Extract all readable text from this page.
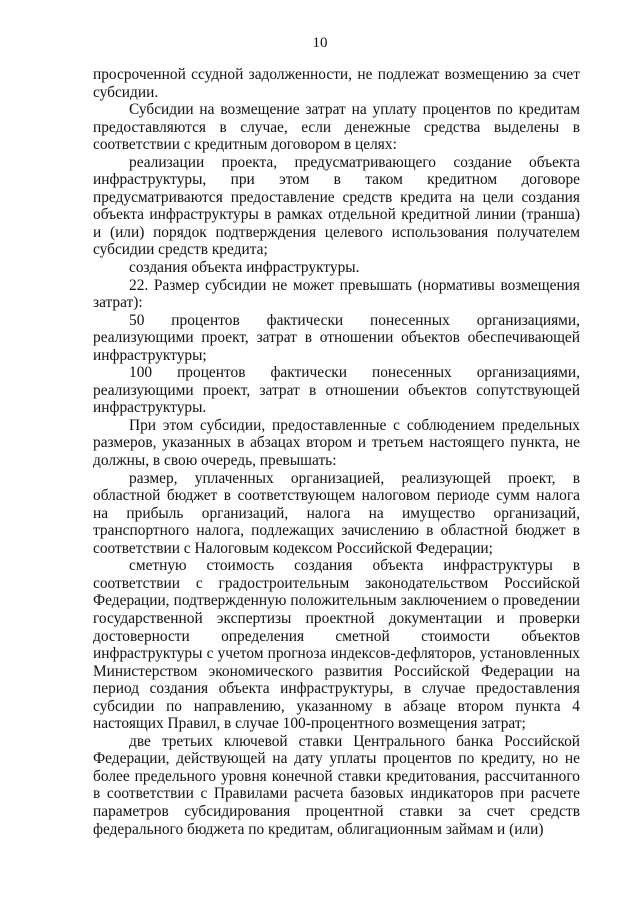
10

просроченной ссудной задолженности, не подлежат возмещению за счет субсидии.

Субсидии на возмещение затрат на уплату процентов по кредитам предоставляются в случае, если денежные средства выделены в соответствии с кредитным договором в целях:

реализации проекта, предусматривающего создание объекта инфраструктуры, при этом в таком кредитном договоре предусматриваются предоставление средств кредита на цели создания объекта инфраструктуры в рамках отдельной кредитной линии (транша) и (или) порядок подтверждения целевого использования получателем субсидии средств кредита;

создания объекта инфраструктуры.

22. Размер субсидии не может превышать (нормативы возмещения затрат):

50 процентов фактически понесенных организациями, реализующими проект, затрат в отношении объектов обеспечивающей инфраструктуры;

100 процентов фактически понесенных организациями, реализующими проект, затрат в отношении объектов сопутствующей инфраструктуры.

При этом субсидии, предоставленные с соблюдением предельных размеров, указанных в абзацах втором и третьем настоящего пункта, не должны, в свою очередь, превышать:

размер, уплаченных организацией, реализующей проект, в областной бюджет в соответствующем налоговом периоде сумм налога на прибыль организаций, налога на имущество организаций, транспортного налога, подлежащих зачислению в областной бюджет в соответствии с Налоговым кодексом Российской Федерации;

сметную стоимость создания объекта инфраструктуры в соответствии с градостроительным законодательством Российской Федерации, подтвержденную положительным заключением о проведении государственной экспертизы проектной документации и проверки достоверности определения сметной стоимости объектов инфраструктуры с учетом прогноза индексов-дефляторов, установленных Министерством экономического развития Российской Федерации на период создания объекта инфраструктуры, в случае предоставления субсидии по направлению, указанному в абзаце втором пункта 4 настоящих Правил, в случае 100-процентного возмещения затрат;

две третьих ключевой ставки Центрального банка Российской Федерации, действующей на дату уплаты процентов по кредиту, но не более предельного уровня конечной ставки кредитования, рассчитанного в соответствии с Правилами расчета базовых индикаторов при расчете параметров субсидирования процентной ставки за счет средств федерального бюджета по кредитам, облигационным займам и (или)
